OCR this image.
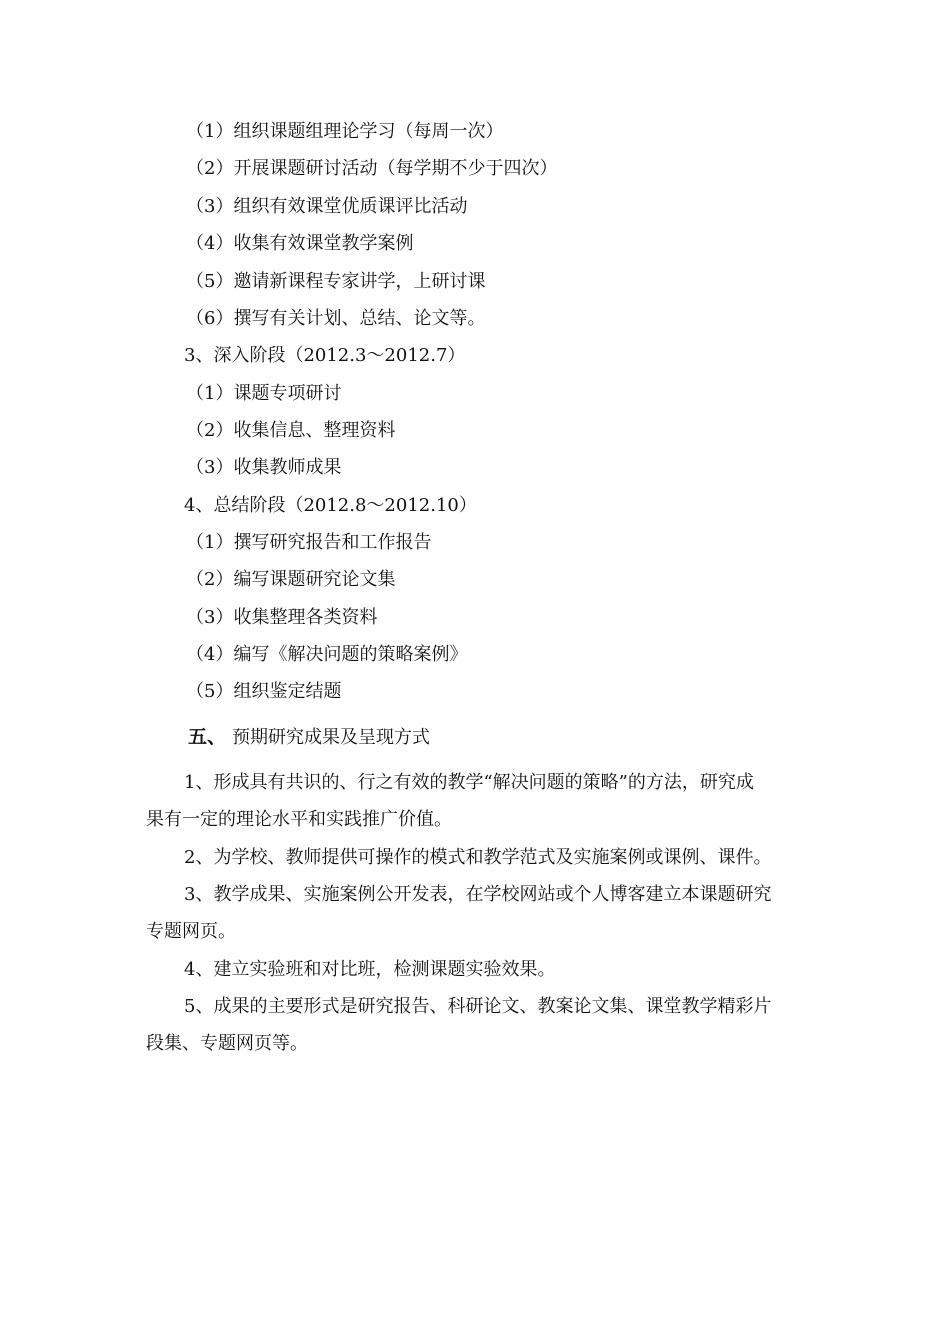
（1）组织课题组理论学习（每周一次）
（2）开展课题研讨活动（每学期不少于四次）
（3）组织有效课堂优质课评比活动
（4）收集有效课堂教学案例
（5）邀请新课程专家讲学，上研讨课
（6）撰写有关计划、总结、论文等。
3、深入阶段（2012.3～2012.7）
（1）课题专项研讨
（2）收集信息、整理资料
（3）收集教师成果
4、总结阶段（2012.8～2012.10）
（1）撰写研究报告和工作报告
（2）编写课题研究论文集
（3）收集整理各类资料
（4）编写《解决问题的策略案例》
（5）组织鉴定结题
五、 预期研究成果及呈现方式
1、形成具有共识的、行之有效的教学“解决问题的策略”的方法，研究成
果有一定的理论水平和实践推广价值。
2、为学校、教师提供可操作的模式和教学范式及实施案例或课例、课件。
3、教学成果、实施案例公开发表，在学校网站或个人博客建立本课题研究
专题网页。
4、建立实验班和对比班，检测课题实验效果。
5、成果的主要形式是研究报告、科研论文、教案论文集、课堂教学精彩片
段集、专题网页等。
